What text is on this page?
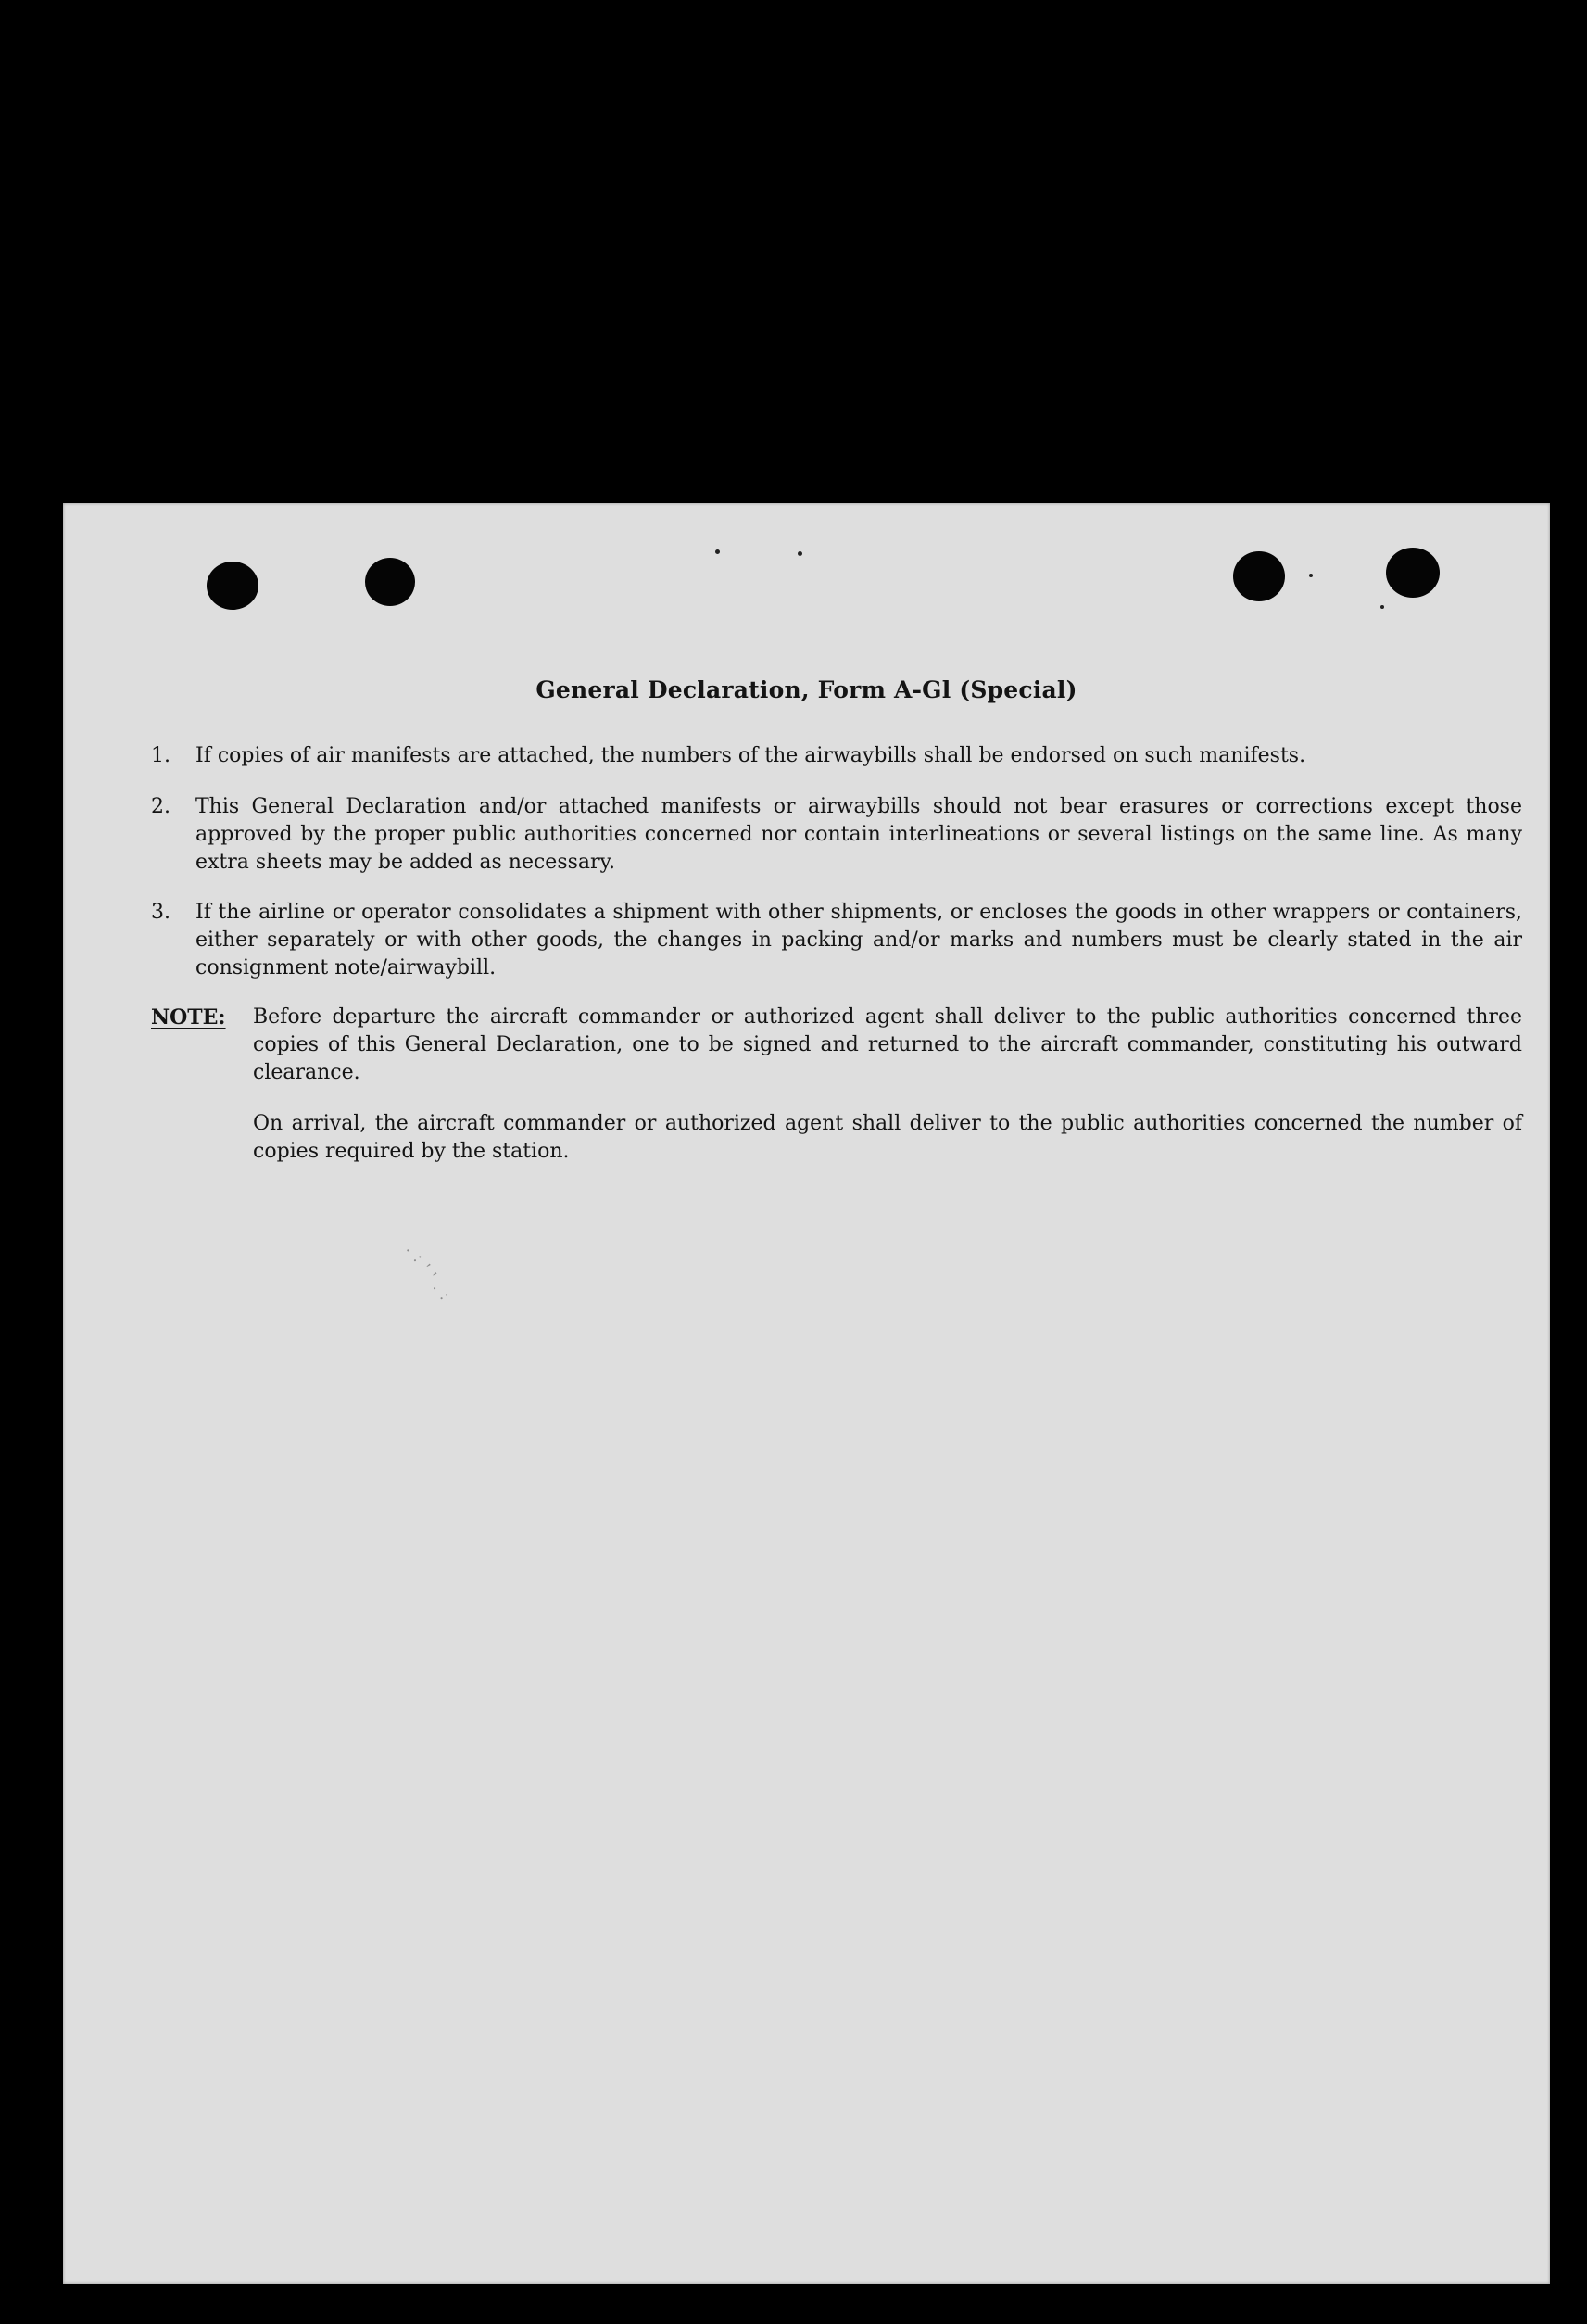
. : ' ' . :
General Declaration, Form A-Gl (Special)
1.	If copies of air manifests are attached, the numbers of the airwaybills shall be endorsed on such manifests.
2.	This General Declaration and/or attached manifests or airwaybills should not bear erasures or corrections except those approved by the proper public authorities concerned nor contain interlineations or several listings on the same line. As many extra sheets may be added as necessary.
3.	If the airline or operator consolidates a shipment with other shipments, or encloses the goods in other wrappers or containers, either separately or with other goods, the changes in packing and/or marks and numbers must be clearly stated in the air consignment note/airwaybill.
NOTE: Before departure the aircraft commander or authorized agent shall deliver to the public authorities concerned three copies of this General Declaration, one to be signed and returned to the aircraft commander, constituting his outward clearance.
On arrival, the aircraft commander or authorized agent shall deliver to the public authorities concerned the number of copies required by the station.
